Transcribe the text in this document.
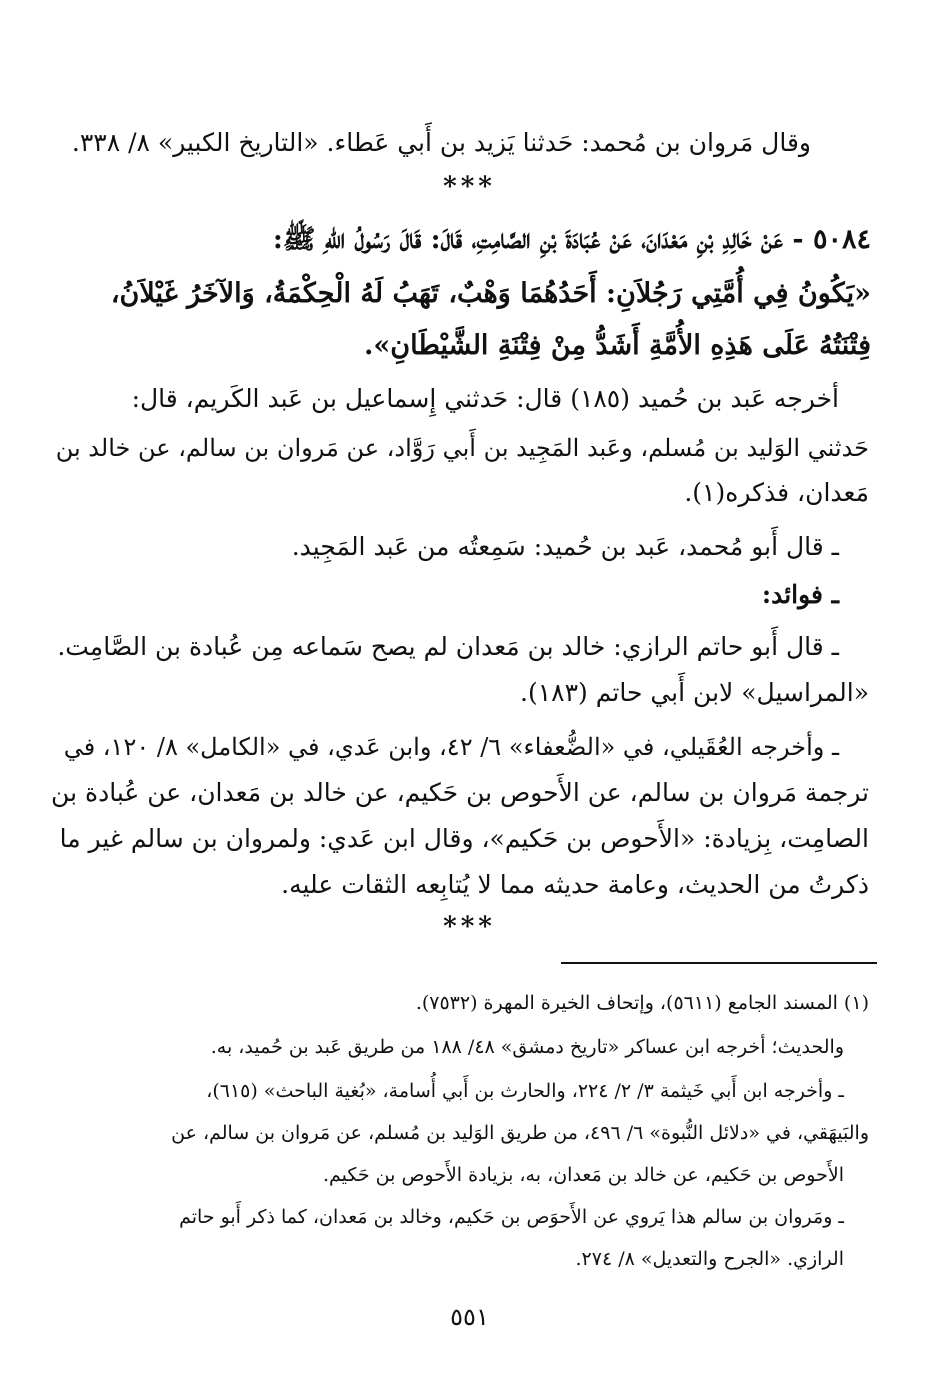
وقال مَروان بن مُحمد: حَدثنا يَزيد بن أَبي عَطاء. «التاريخ الكبير» ٨/ ٣٣٨.
***
٥٠٨٤ - عَنْ خَالِدِ بْنِ مَعْدَانَ، عَنْ عُبَادَةَ بْنِ الصَّامِتِ، قَالَ: قَالَ رَسُولُ اللهِ ﷺ:
«يَكُونُ فِي أُمَّتِي رَجُلاَنِ: أَحَدُهُمَا وَهْبٌ، تَهَبُ لَهُ الْحِكْمَةُ، وَالآخَرُ غَيْلاَنُ،
فِتْنَتُهُ عَلَى هَذِهِ الأُمَّةِ أَشَدُّ مِنْ فِتْنَةِ الشَّيْطَانِ».
أخرجه عَبد بن حُميد (١٨٥) قال: حَدثني إِسماعيل بن عَبد الكَريم، قال:
حَدثني الوَليد بن مُسلم، وعَبد المَجِيد بن أَبي رَوَّاد، عن مَروان بن سالم، عن خالد بن
مَعدان، فذكره(١).
ـ قال أَبو مُحمد، عَبد بن حُميد: سَمِعتُه من عَبد المَجِيد.
ـ فوائد:
ـ قال أَبو حاتم الرازي: خالد بن مَعدان لم يصح سَماعه مِن عُبادة بن الصَّامِت.
«المراسيل» لابن أَبي حاتم (١٨٣).
ـ وأخرجه العُقَيلي، في «الضُّعفاء» ٦/ ٤٢، وابن عَدي، في «الكامل» ٨/ ١٢٠، في
ترجمة مَروان بن سالم، عن الأَحوص بن حَكيم، عن خالد بن مَعدان، عن عُبادة بن
الصامِت، بِزيادة: «الأَحوص بن حَكيم»، وقال ابن عَدي: ولمروان بن سالم غير ما
ذكرتُ من الحديث، وعامة حديثه مما لا يُتابِعه الثقات عليه.
***
(١) المسند الجامع (٥٦١١)، وإتحاف الخيرة المهرة (٧٥٣٢).
والحديث؛ أخرجه ابن عساكر «تاريخ دمشق» ٤٨/ ١٨٨ من طريق عَبد بن حُميد، به.
ـ وأخرجه ابن أَبي خَيثمة ٣/ ٢/ ٢٢٤، والحارث بن أَبي أُسامة، «بُغية الباحث» (٦١٥)،
والبَيهَقي، في «دلائل النُّبوة» ٦/ ٤٩٦، من طريق الوَليد بن مُسلم، عن مَروان بن سالم، عن
الأَحوص بن حَكيم، عن خالد بن مَعدان، به، بزيادة الأَحوص بن حَكيم.
ـ ومَروان بن سالم هذا يَروي عن الأَحوَص بن حَكيم، وخالد بن مَعدان، كما ذكر أَبو حاتم
الرازي. «الجرح والتعديل» ٨/ ٢٧٤.
٥٥١
